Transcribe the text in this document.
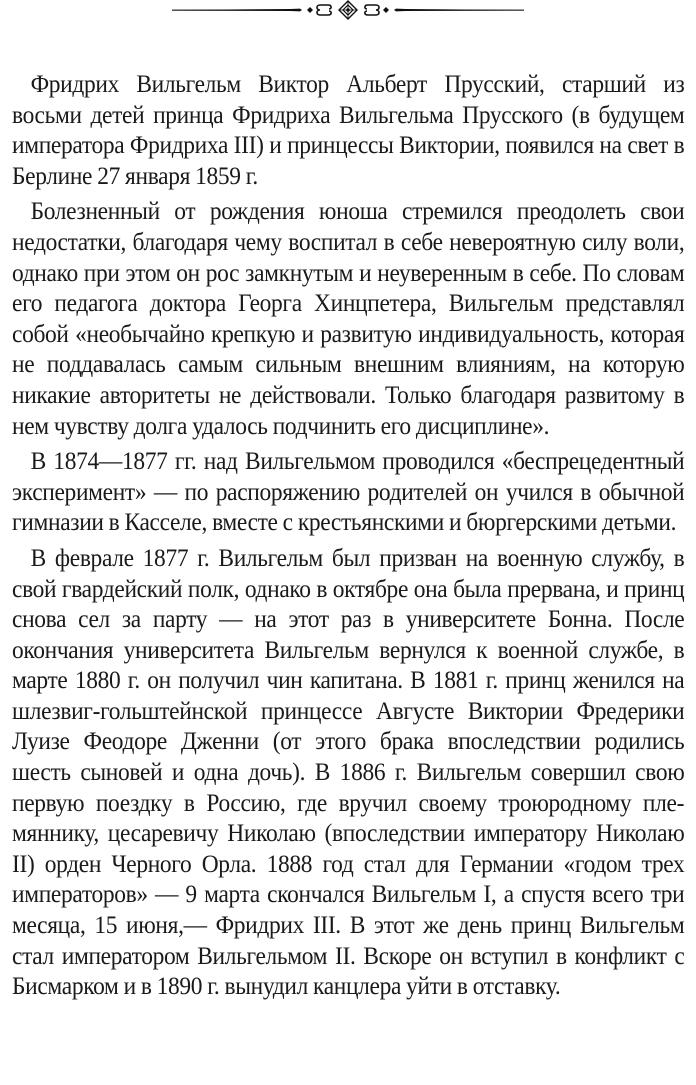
Фридрих Вильгельм Виктор Альберт Прусский, старший из восьми детей принца Фридриха Вильгельма Прусского (в будущем императора Фридриха III) и принцессы Виктории, появился на свет в Берлине 27 января 1859 г.

Болезненный от рождения юноша стремился преодолеть свои недостатки, благодаря чему воспитал в себе невероятную силу воли, однако при этом он рос замкнутым и неуверенным в себе. По словам его педагога доктора Георга Хинцпетера, Вильгельм представлял собой «необычайно крепкую и развитую индивидуальность, которая не поддавалась самым сильным внешним влияниям, на которую никакие авторитеты не действовали. Только благодаря развитому в нем чувству долга удалось подчинить его дисциплине».

В 1874—1877 гг. над Вильгельмом проводился «беспрецедентный эксперимент» — по распоряжению родителей он учился в обычной гимназии в Касселе, вместе с крестьянскими и бюргерскими детьми.

В феврале 1877 г. Вильгельм был призван на военную службу, в свой гвардейский полк, однако в октябре она была прервана, и принц снова сел за парту — на этот раз в университете Бонна. После окончания университета Вильгельм вернулся к военной службе, в марте 1880 г. он получил чин капитана. В 1881 г. принц женился на шлезвиг-гольштейнской принцессе Августе Виктории Фредерики Луизе Феодоре Дженни (от этого брака впоследствии родились шесть сыновей и одна дочь). В 1886 г. Вильгельм совершил свою первую поездку в Россию, где вручил своему троюродному племяннику, цесаревичу Николаю (впоследствии императору Николаю II) орден Черного Орла. 1888 год стал для Германии «годом трех императоров» — 9 марта скончался Вильгельм I, а спустя всего три месяца, 15 июня,— Фридрих III. В этот же день принц Вильгельм стал императором Вильгельмом II. Вскоре он вступил в конфликт с Бисмарком и в 1890 г. вынудил канцлера уйти в отставку.
